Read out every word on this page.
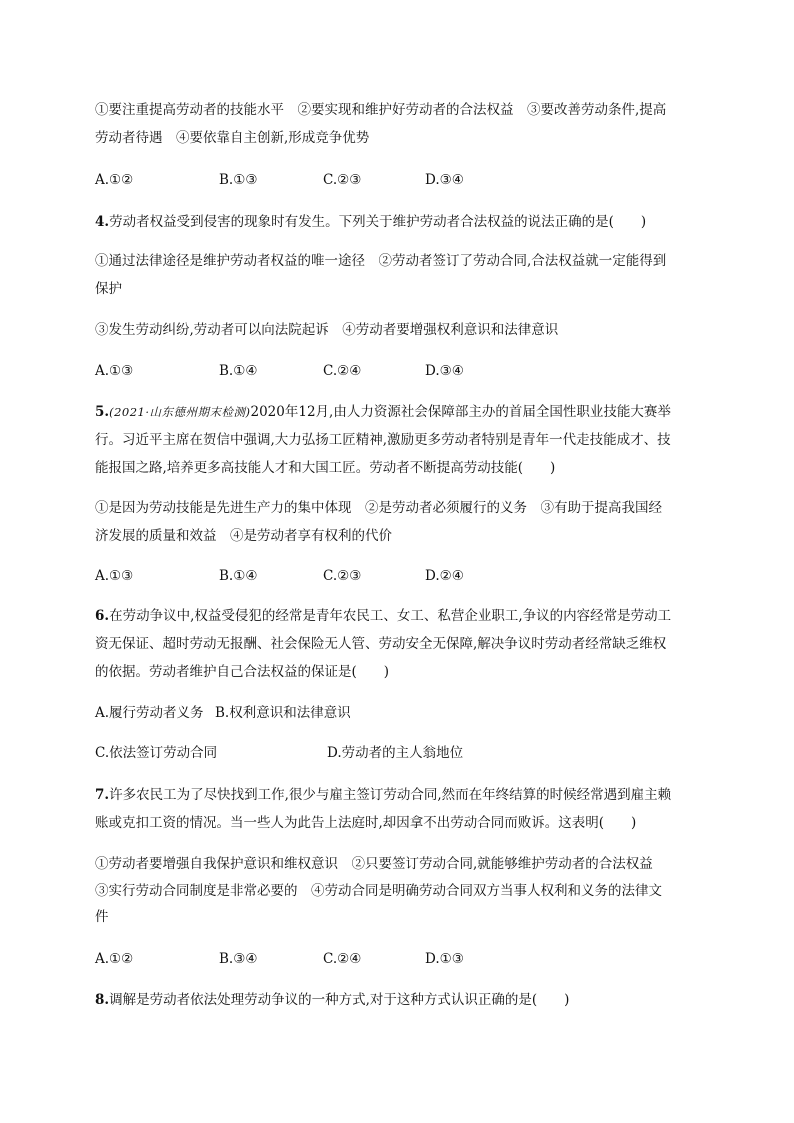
①要注重提高劳动者的技能水平　②要实现和维护好劳动者的合法权益　③要改善劳动条件,提高
劳动者待遇　④要依靠自主创新,形成竞争优势
A.①②	B.①③	C.②③	D.③④
4.劳动者权益受到侵害的现象时有发生。下列关于维护劳动者合法权益的说法正确的是(　　)
①通过法律途径是维护劳动者权益的唯一途径　②劳动者签订了劳动合同,合法权益就一定能得到
保护
③发生劳动纠纷,劳动者可以向法院起诉　④劳动者要增强权利意识和法律意识
A.①③	B.①④	C.②④	D.③④
5.(2021·山东德州期末检测)2020年12月,由人力资源社会保障部主办的首届全国性职业技能大赛举
行。习近平主席在贺信中强调,大力弘扬工匠精神,激励更多劳动者特别是青年一代走技能成才、技
能报国之路,培养更多高技能人才和大国工匠。劳动者不断提高劳动技能(　　)
①是因为劳动技能是先进生产力的集中体现　②是劳动者必须履行的义务　③有助于提高我国经
济发展的质量和效益　④是劳动者享有权利的代价
A.①③	B.①④	C.②③	D.②④
6.在劳动争议中,权益受侵犯的经常是青年农民工、女工、私营企业职工,争议的内容经常是劳动工
资无保证、超时劳动无报酬、社会保险无人管、劳动安全无保障,解决争议时劳动者经常缺乏维权
的依据。劳动者维护自己合法权益的保证是(　　)
A.履行劳动者义务 B.权利意识和法律意识
C.依法签订劳动合同	D.劳动者的主人翁地位
7.许多农民工为了尽快找到工作,很少与雇主签订劳动合同,然而在年终结算的时候经常遇到雇主赖
账或克扣工资的情况。当一些人为此告上法庭时,却因拿不出劳动合同而败诉。这表明(　　)
①劳动者要增强自我保护意识和维权意识　②只要签订劳动合同,就能够维护劳动者的合法权益
③实行劳动合同制度是非常必要的　④劳动合同是明确劳动合同双方当事人权利和义务的法律文
件
A.①②	B.③④	C.②④	D.①③
8.调解是劳动者依法处理劳动争议的一种方式,对于这种方式认识正确的是(　　)
